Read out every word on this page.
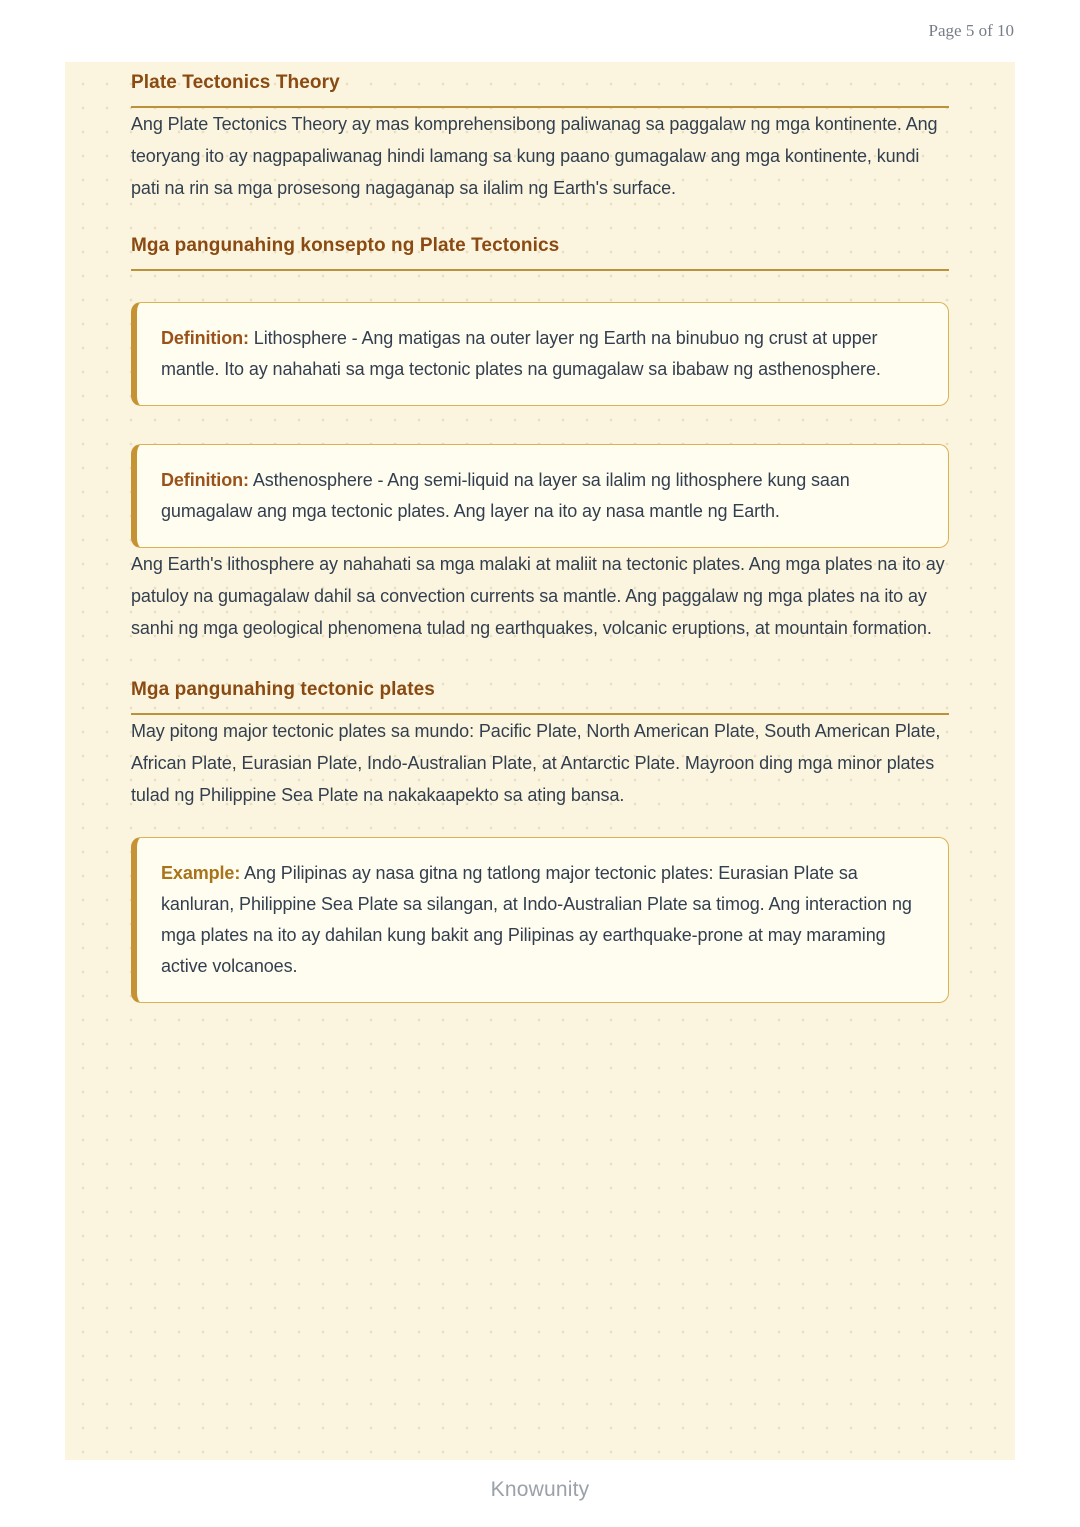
Page 5 of 10
Plate Tectonics Theory

Ang Plate Tectonics Theory ay mas komprehensibong paliwanag sa paggalaw ng mga kontinente. Ang teoryang ito ay nagpapaliwanag hindi lamang sa kung paano gumagalaw ang mga kontinente, kundi pati na rin sa mga prosesong nagaganap sa ilalim ng Earth's surface.

Mga pangunahing konsepto ng Plate Tectonics

Definition: Lithosphere - Ang matigas na outer layer ng Earth na binubuo ng crust at upper mantle. Ito ay nahahati sa mga tectonic plates na gumagalaw sa ibabaw ng asthenosphere.

Definition: Asthenosphere - Ang semi-liquid na layer sa ilalim ng lithosphere kung saan gumagalaw ang mga tectonic plates. Ang layer na ito ay nasa mantle ng Earth.

Ang Earth's lithosphere ay nahahati sa mga malaki at maliit na tectonic plates. Ang mga plates na ito ay patuloy na gumagalaw dahil sa convection currents sa mantle. Ang paggalaw ng mga plates na ito ay sanhi ng mga geological phenomena tulad ng earthquakes, volcanic eruptions, at mountain formation.

Mga pangunahing tectonic plates

May pitong major tectonic plates sa mundo: Pacific Plate, North American Plate, South American Plate, African Plate, Eurasian Plate, Indo-Australian Plate, at Antarctic Plate. Mayroon ding mga minor plates tulad ng Philippine Sea Plate na nakakaapekto sa ating bansa.

Example: Ang Pilipinas ay nasa gitna ng tatlong major tectonic plates: Eurasian Plate sa kanluran, Philippine Sea Plate sa silangan, at Indo-Australian Plate sa timog. Ang interaction ng mga plates na ito ay dahilan kung bakit ang Pilipinas ay earthquake-prone at may maraming active volcanoes.

Knowunity
